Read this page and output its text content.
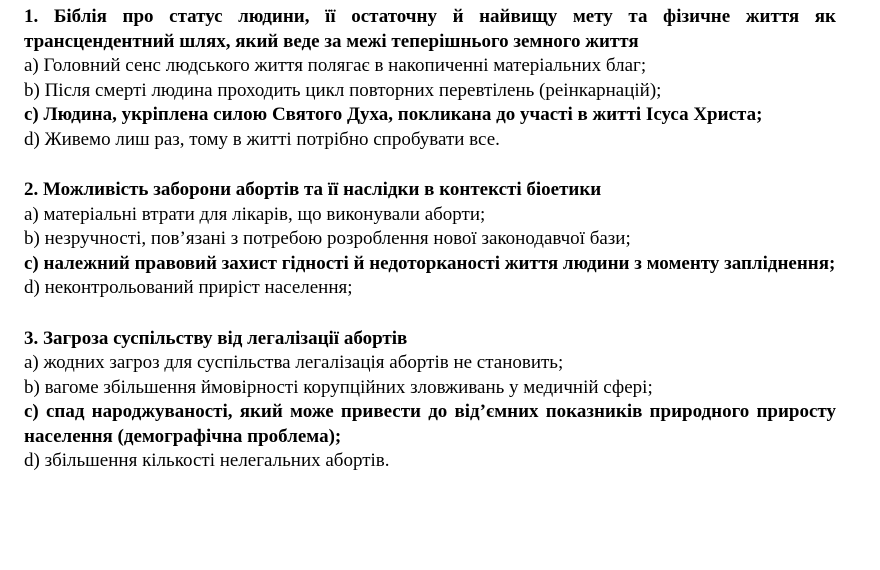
1. Біблія про статус людини, її остаточну й найвищу мету та фізичне життя як трансцендентний шлях, який веде за межі теперішнього земного життя

a) Головний сенс людського життя полягає в накопиченні матеріальних благ;

b) Після смерті людина проходить цикл повторних перевтілень (реінкарнацій);

c) Людина, укріплена силою Святого Духа, покликана до участі в житті Ісуса Христа;

d) Живемо лиш раз, тому в житті потрібно спробувати все.

2. Можливість заборони абортів та її наслідки в контексті біоетики

a) матеріальні втрати для лікарів, що виконували аборти;

b) незручності, пов’язані з потребою розроблення нової законодавчої бази;

c) належний правовий захист гідності й недоторканості життя людини з моменту запліднення;

d) неконтрольований приріст населення;

3. Загроза суспільству від легалізації абортів

a) жодних загроз для суспільства легалізація абортів не становить;

b) вагоме збільшення ймовірності корупційних зловживань у медичній сфері;

c) спад народжуваності, який може привести до від’ємних показників природного приросту населення (демографічна проблема);

d) збільшення кількості нелегальних абортів.
